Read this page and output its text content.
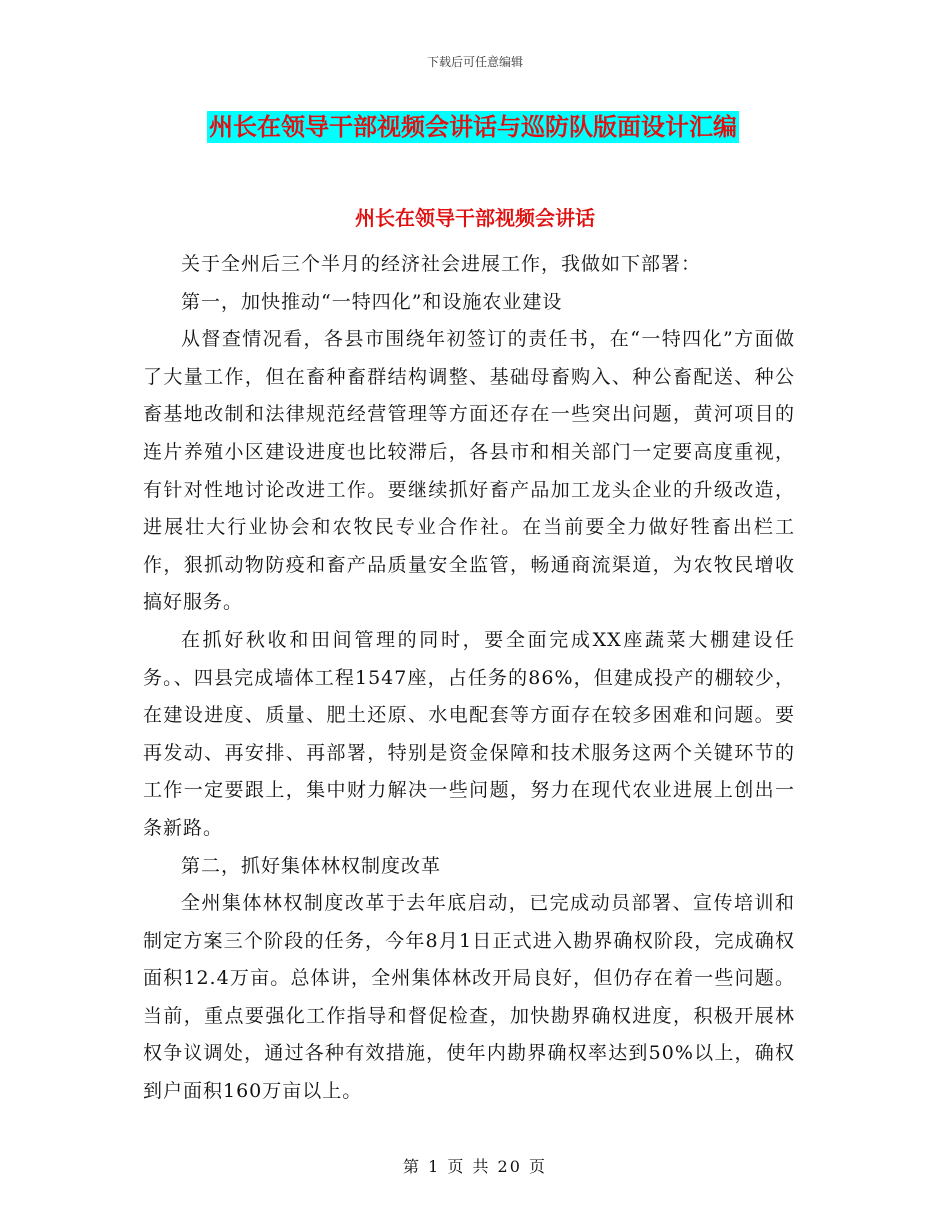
下载后可任意编辑
州长在领导干部视频会讲话与巡防队版面设计汇编
州长在领导干部视频会讲话

关于全州后三个半月的经济社会进展工作，我做如下部署：

第一，加快推动“一特四化”和设施农业建设

从督查情况看，各县市围绕年初签订的责任书，在“一特四化”方面做了大量工作，但在畜种畜群结构调整、基础母畜购入、种公畜配送、种公畜基地改制和法律规范经营管理等方面还存在一些突出问题，黄河项目的连片养殖小区建设进度也比较滞后，各县市和相关部门一定要高度重视，有针对性地讨论改进工作。要继续抓好畜产品加工龙头企业的升级改造，进展壮大行业协会和农牧民专业合作社。在当前要全力做好牲畜出栏工作，狠抓动物防疫和畜产品质量安全监管，畅通商流渠道，为农牧民增收搞好服务。

在抓好秋收和田间管理的同时，要全面完成XX座蔬菜大棚建设任务。、四县完成墙体工程1547座，占任务的86%，但建成投产的棚较少，在建设进度、质量、肥土还原、水电配套等方面存在较多困难和问题。要再发动、再安排、再部署，特别是资金保障和技术服务这两个关键环节的工作一定要跟上，集中财力解决一些问题，努力在现代农业进展上创出一条新路。

第二，抓好集体林权制度改革

全州集体林权制度改革于去年底启动，已完成动员部署、宣传培训和制定方案三个阶段的任务，今年8月1日正式进入勘界确权阶段，完成确权面积12.4万亩。总体讲，全州集体林改开局良好，但仍存在着一些问题。当前，重点要强化工作指导和督促检查，加快勘界确权进度，积极开展林权争议调处，通过各种有效措施，使年内勘界确权率达到50%以上，确权到户面积160万亩以上。

第 1 页 共 20 页
